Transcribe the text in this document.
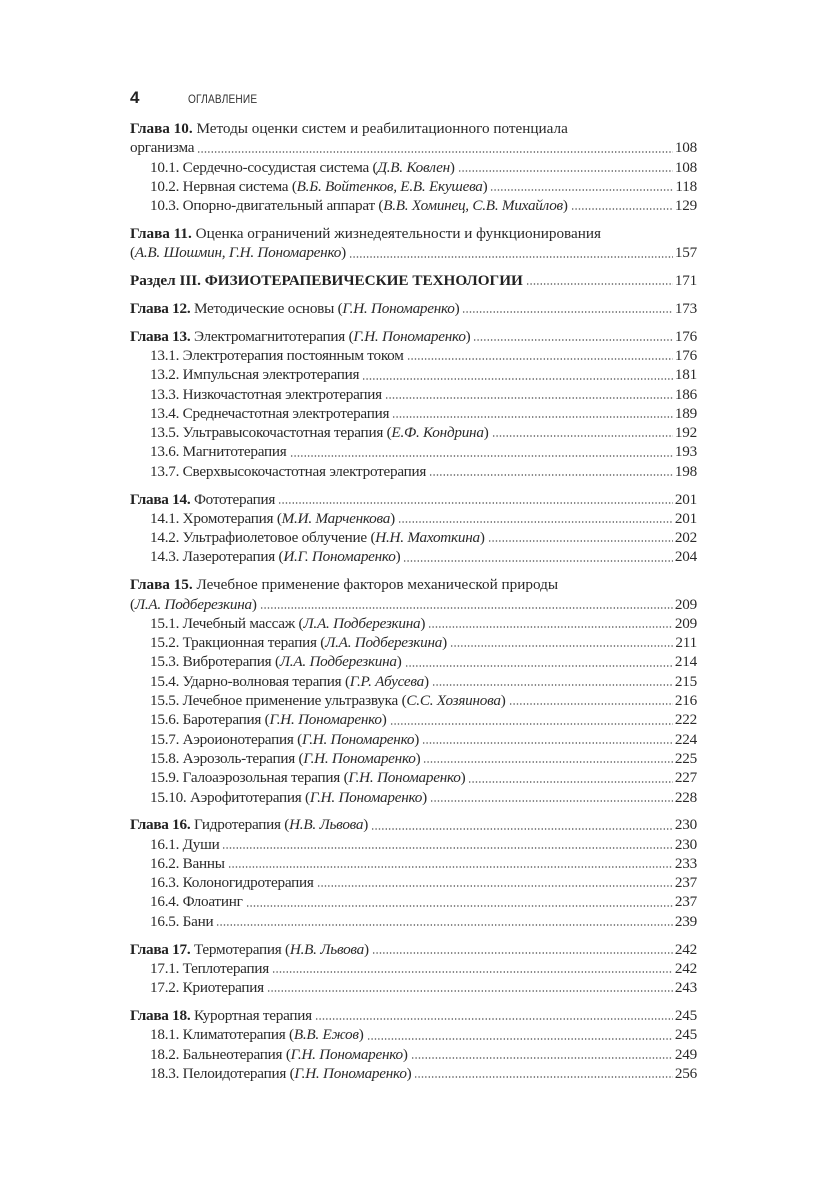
4	ОГЛАВЛЕНИЕ
Глава 10. Методы оценки систем и реабилитационного потенциала
организма	108
10.1. Сердечно-сосудистая система (Д.В. Ковлен)	108
10.2. Нервная система (В.Б. Войтенков, Е.В. Екушева)	118
10.3. Опорно-двигательный аппарат (В.В. Хоминец, С.В. Михайлов)	129
Глава 11. Оценка ограничений жизнедеятельности и функционирования
(А.В. Шошмин, Г.Н. Пономаренко)	157
Раздел III. ФИЗИОТЕРАПЕВИЧЕСКИЕ ТЕХНОЛОГИИ	171
Глава 12. Методические основы (Г.Н. Пономаренко)	173
Глава 13. Электромагнитотерапия (Г.Н. Пономаренко)	176
13.1. Электротерапия постоянным током	176
13.2. Импульсная электротерапия	181
13.3. Низкочастотная электротерапия	186
13.4. Среднечастотная электротерапия	189
13.5. Ультравысокочастотная терапия (Е.Ф. Кондрина)	192
13.6. Магнитотерапия	193
13.7. Сверхвысокочастотная электротерапия	198
Глава 14. Фототерапия	201
14.1. Хромотерапия (М.И. Марченкова)	201
14.2. Ультрафиолетовое облучение (Н.Н. Махоткина)	202
14.3. Лазеротерапия (И.Г. Пономаренко)	204
Глава 15. Лечебное применение факторов механической природы
(Л.А. Подберезкина)	209
15.1. Лечебный массаж (Л.А. Подберезкина)	209
15.2. Тракционная терапия (Л.А. Подберезкина)	211
15.3. Вибротерапия (Л.А. Подберезкина)	214
15.4. Ударно-волновая терапия (Г.Р. Абусева)	215
15.5. Лечебное применение ультразвука (С.С. Хозяинова)	216
15.6. Баротерапия (Г.Н. Пономаренко)	222
15.7. Аэроионотерапия (Г.Н. Пономаренко)	224
15.8. Аэрозоль-терапия (Г.Н. Пономаренко)	225
15.9. Галоаэрозольная терапия (Г.Н. Пономаренко)	227
15.10. Аэрофитотерапия (Г.Н. Пономаренко)	228
Глава 16. Гидротерапия (Н.В. Львова)	230
16.1. Души	230
16.2. Ванны	233
16.3. Колоногидротерапия	237
16.4. Флоатинг	237
16.5. Бани	239
Глава 17. Термотерапия (Н.В. Львова)	242
17.1. Теплотерапия	242
17.2. Криотерапия	243
Глава 18. Курортная терапия	245
18.1. Климатотерапия (В.В. Ежов)	245
18.2. Бальнеотерапия (Г.Н. Пономаренко)	249
18.3. Пелоидотерапия (Г.Н. Пономаренко)	256
